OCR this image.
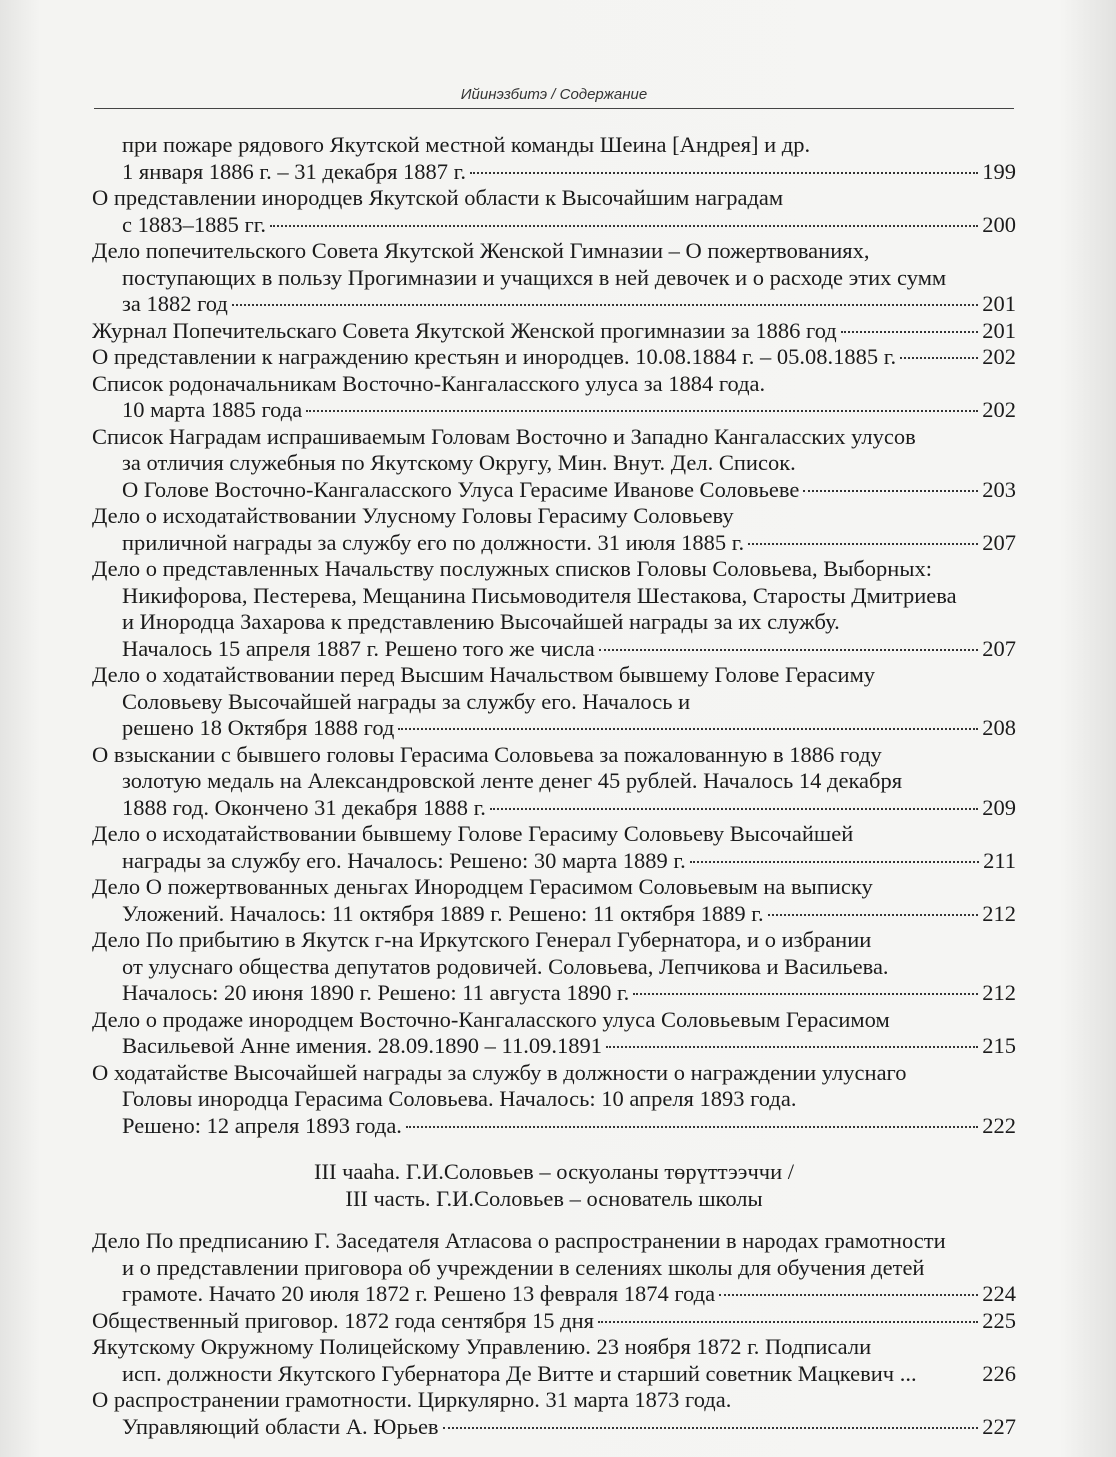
Ийинэзбитэ / Содержание
при пожаре рядового Якутской местной команды Шеина [Андрея] и др.
1 января 1886 г. – 31 декабря 1887 г.	199
О представлении инородцев Якутской области к Высочайшим наградам
с 1883–1885 гг.	200
Дело попечительского Совета Якутской Женской Гимназии – О пожертвованиях,
поступающих в пользу Прогимназии и учащихся в ней девочек и о расходе этих сумм
за 1882 год	201
Журнал Попечительскаго Совета Якутской Женской прогимназии за 1886 год	201
О представлении к награждению крестьян и инородцев. 10.08.1884 г. – 05.08.1885 г.	202
Список родоначальникам Восточно-Кангаласского улуса за 1884 года.
10 марта 1885 года	202
Список Наградам испрашиваемым Головам Восточно и Западно Кангаласских улусов
за отличия служебныя по Якутскому Округу, Мин. Внут. Дел. Список.
О Голове Восточно-Кангаласского Улуса Герасиме Иванове Соловьеве	203
Дело о исходатайствовании Улусному Головы Герасиму Соловьеву
приличной награды за службу его по должности. 31 июля 1885 г.	207
Дело о представленных Начальству послужных списков Головы Соловьева, Выборных:
Никифорова, Пестерева, Мещанина Письмоводителя Шестакова, Старосты Дмитриева
и Инородца Захарова к представлению Высочайшей награды за их службу.
Началось 15 апреля 1887 г. Решено того же числа	207
Дело о ходатайствовании перед Высшим Начальством бывшему Голове Герасиму
Соловьеву Высочайшей награды за службу его. Началось и
решено 18 Октября 1888 год	208
О взыскании с бывшего головы Герасима Соловьева за пожалованную в 1886 году
золотую медаль на Александровской ленте денег 45 рублей. Началось 14 декабря
1888 год. Окончено 31 декабря 1888 г.	209
Дело о исходатайствовании бывшему Голове Герасиму Соловьеву Высочайшей
награды за службу его. Началось: Решено: 30 марта 1889 г.	211
Дело О пожертвованных деньгах Инородцем Герасимом Соловьевым на выписку
Уложений. Началось: 11 октября 1889 г. Решено: 11 октября 1889 г.	212
Дело По прибытию в Якутск г-на Иркутского Генерал Губернатора, и о избрании
от улуснаго общества депутатов родовичей. Соловьева, Лепчикова и Васильева.
Началось: 20 июня 1890 г. Решено: 11 августа 1890 г.	212
Дело о продаже инородцем Восточно-Кангаласского улуса Соловьевым Герасимом
Васильевой Анне имения. 28.09.1890 – 11.09.1891	215
О ходатайстве Высочайшей награды за службу в должности о награждении улуснаго
Головы инородца Герасима Соловьева. Началось: 10 апреля 1893 года.
Решено: 12 апреля 1893 года.	222
III чааhа. Г.И.Соловьев – оскуоланы төрүттээччи /
III часть. Г.И.Соловьев – основатель школы
Дело По предписанию Г. Заседателя Атласова о распространении в народах грамотности
и о представлении приговора об учреждении в селениях школы для обучения детей
грамоте. Начато 20 июля 1872 г. Решено 13 февраля 1874 года	224
Общественный приговор. 1872 года сентября 15 дня	225
Якутскому Окружному Полицейскому Управлению. 23 ноября 1872 г. Подписали
исп. должности Якутского Губернатора Де Витте и старший советник Мацкевич ...	226
О распространении грамотности. Циркулярно. 31 марта 1873 года.
Управляющий области А. Юрьев	227
